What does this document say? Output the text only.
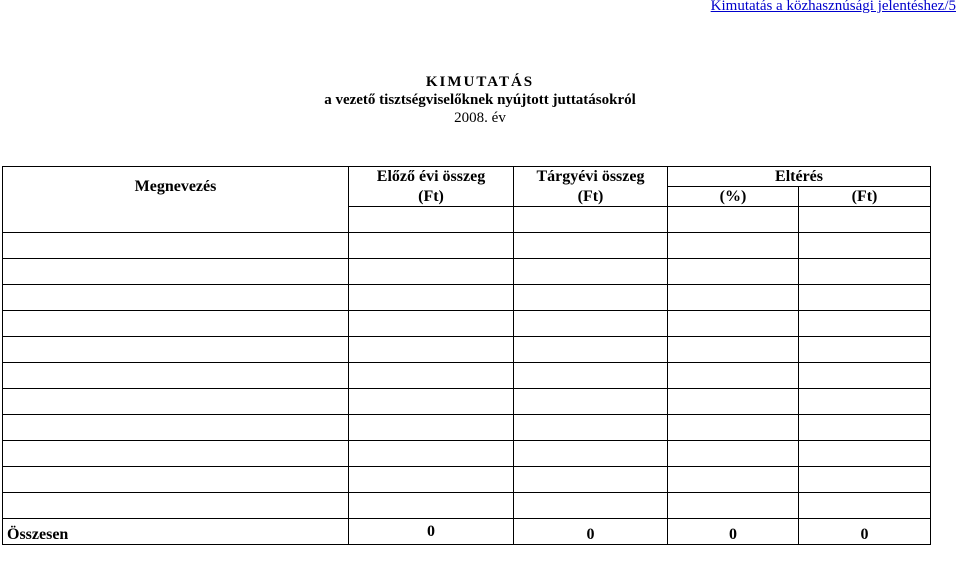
Kimutatás a közhasznúsági jelentéshez/5
KIMUTATÁS
a vezető tisztségviselőknek nyújtott juttatásokról
2008. év
Megnevezés	Előző évi összeg	Tárgyévi összeg	Eltérés	
	(Ft)	(Ft)	(%)	(Ft)

Összesen	0	0	0	0
